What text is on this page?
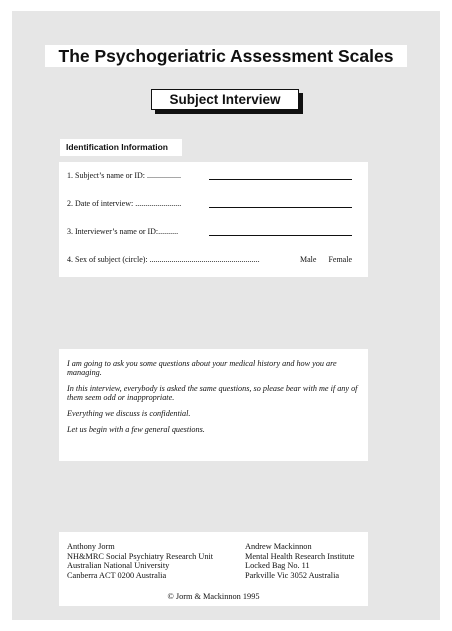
The Psychogeriatric Assessment Scales
Subject Interview
Identification Information
1. Subject’s name or ID: .................
2. Date of interview: .......................
3. Interviewer’s name or ID:..........
4. Sex of subject (circle): .......................................................	Male Female

I am going to ask you some questions about your medical history and how you are managing.

In this interview, everybody is asked the same questions, so please bear with me if any of them seem odd or inappropriate.

Everything we discuss is confidential.

Let us begin with a few general questions.

Anthony Jorm
NH&MRC Social Psychiatry Research Unit
Australian National University
Canberra ACT 0200 Australia
Andrew Mackinnon
Mental Health Research Institute
Locked Bag No. 11
Parkville Vic 3052 Australia
© Jorm & Mackinnon 1995
